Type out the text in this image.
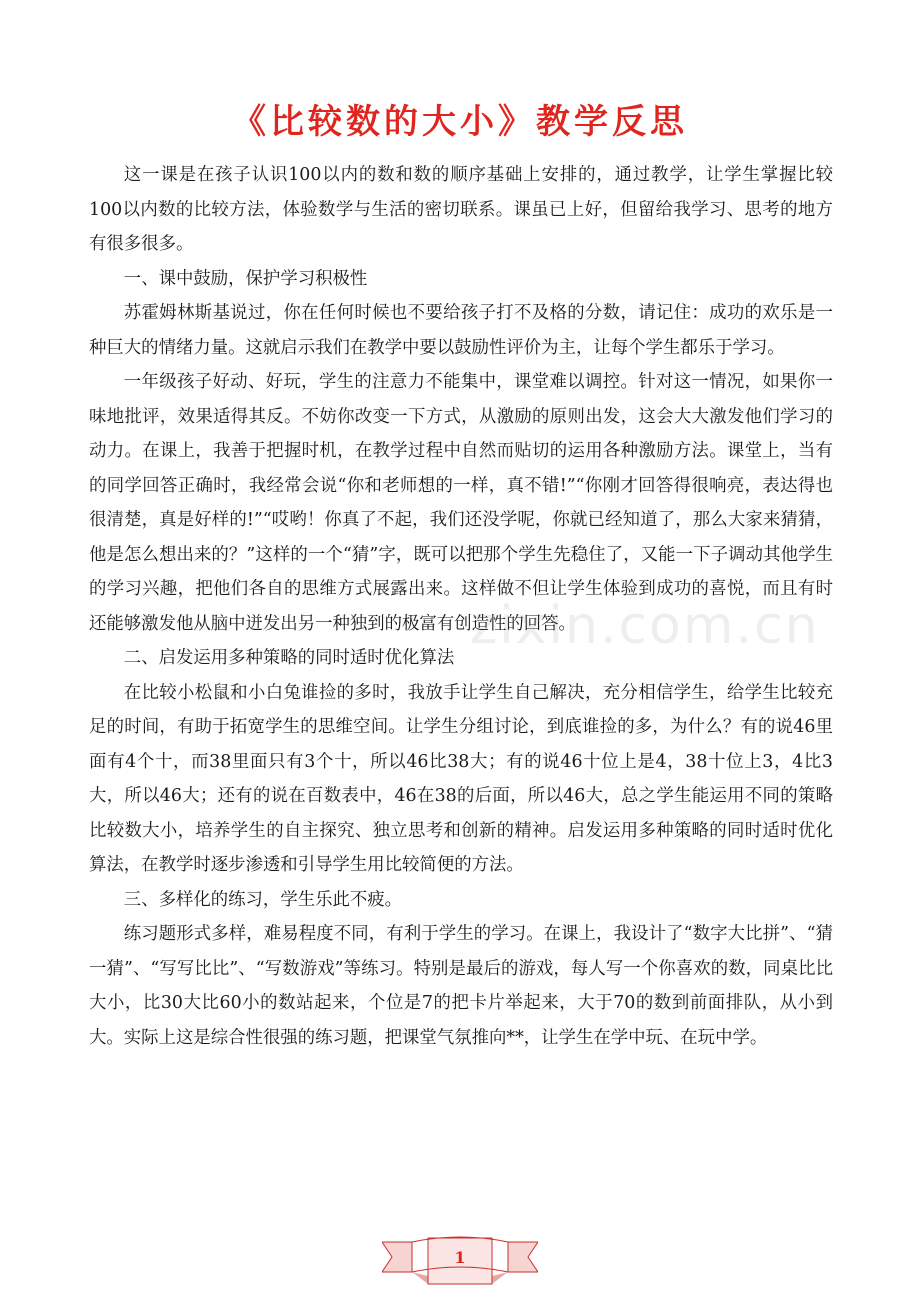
《比较数的大小》教学反思

这一课是在孩子认识100以内的数和数的顺序基础上安排的，通过教学，让学生掌握比较100以内数的比较方法，体验数学与生活的密切联系。课虽已上好，但留给我学习、思考的地方有很多很多。

一、课中鼓励，保护学习积极性

苏霍姆林斯基说过，你在任何时候也不要给孩子打不及格的分数，请记住：成功的欢乐是一种巨大的情绪力量。这就启示我们在教学中要以鼓励性评价为主，让每个学生都乐于学习。

一年级孩子好动、好玩，学生的注意力不能集中，课堂难以调控。针对这一情况，如果你一味地批评，效果适得其反。不妨你改变一下方式，从激励的原则出发，这会大大激发他们学习的动力。在课上，我善于把握时机，在教学过程中自然而贴切的运用各种激励方法。课堂上，当有的同学回答正确时，我经常会说“你和老师想的一样，真不错!”“你刚才回答得很响亮，表达得也很清楚，真是好样的!”“哎哟！你真了不起，我们还没学呢，你就已经知道了，那么大家来猜猜，他是怎么想出来的？”这样的一个“猜”字，既可以把那个学生先稳住了，又能一下子调动其他学生的学习兴趣，把他们各自的思维方式展露出来。这样做不但让学生体验到成功的喜悦，而且有时还能够激发他从脑中迸发出另一种独到的极富有创造性的回答。

二、启发运用多种策略的同时适时优化算法

在比较小松鼠和小白兔谁捡的多时，我放手让学生自己解决，充分相信学生，给学生比较充足的时间，有助于拓宽学生的思维空间。让学生分组讨论，到底谁捡的多，为什么？有的说46里面有4个十，而38里面只有3个十，所以46比38大；有的说46十位上是4，38十位上3，4比3大，所以46大；还有的说在百数表中，46在38的后面，所以46大，总之学生能运用不同的策略比较数大小，培养学生的自主探究、独立思考和创新的精神。启发运用多种策略的同时适时优化算法，在教学时逐步渗透和引导学生用比较简便的方法。

三、多样化的练习，学生乐此不疲。

练习题形式多样，难易程度不同，有利于学生的学习。在课上，我设计了“数字大比拼”、“猜一猜”、“写写比比”、“写数游戏”等练习。特别是最后的游戏，每人写一个你喜欢的数，同桌比比大小，比30大比60小的数站起来，个位是7的把卡片举起来，大于70的数到前面排队，从小到大。实际上这是综合性很强的练习题，把课堂气氛推向**，让学生在学中玩、在玩中学。

zixin.com.cn
1
